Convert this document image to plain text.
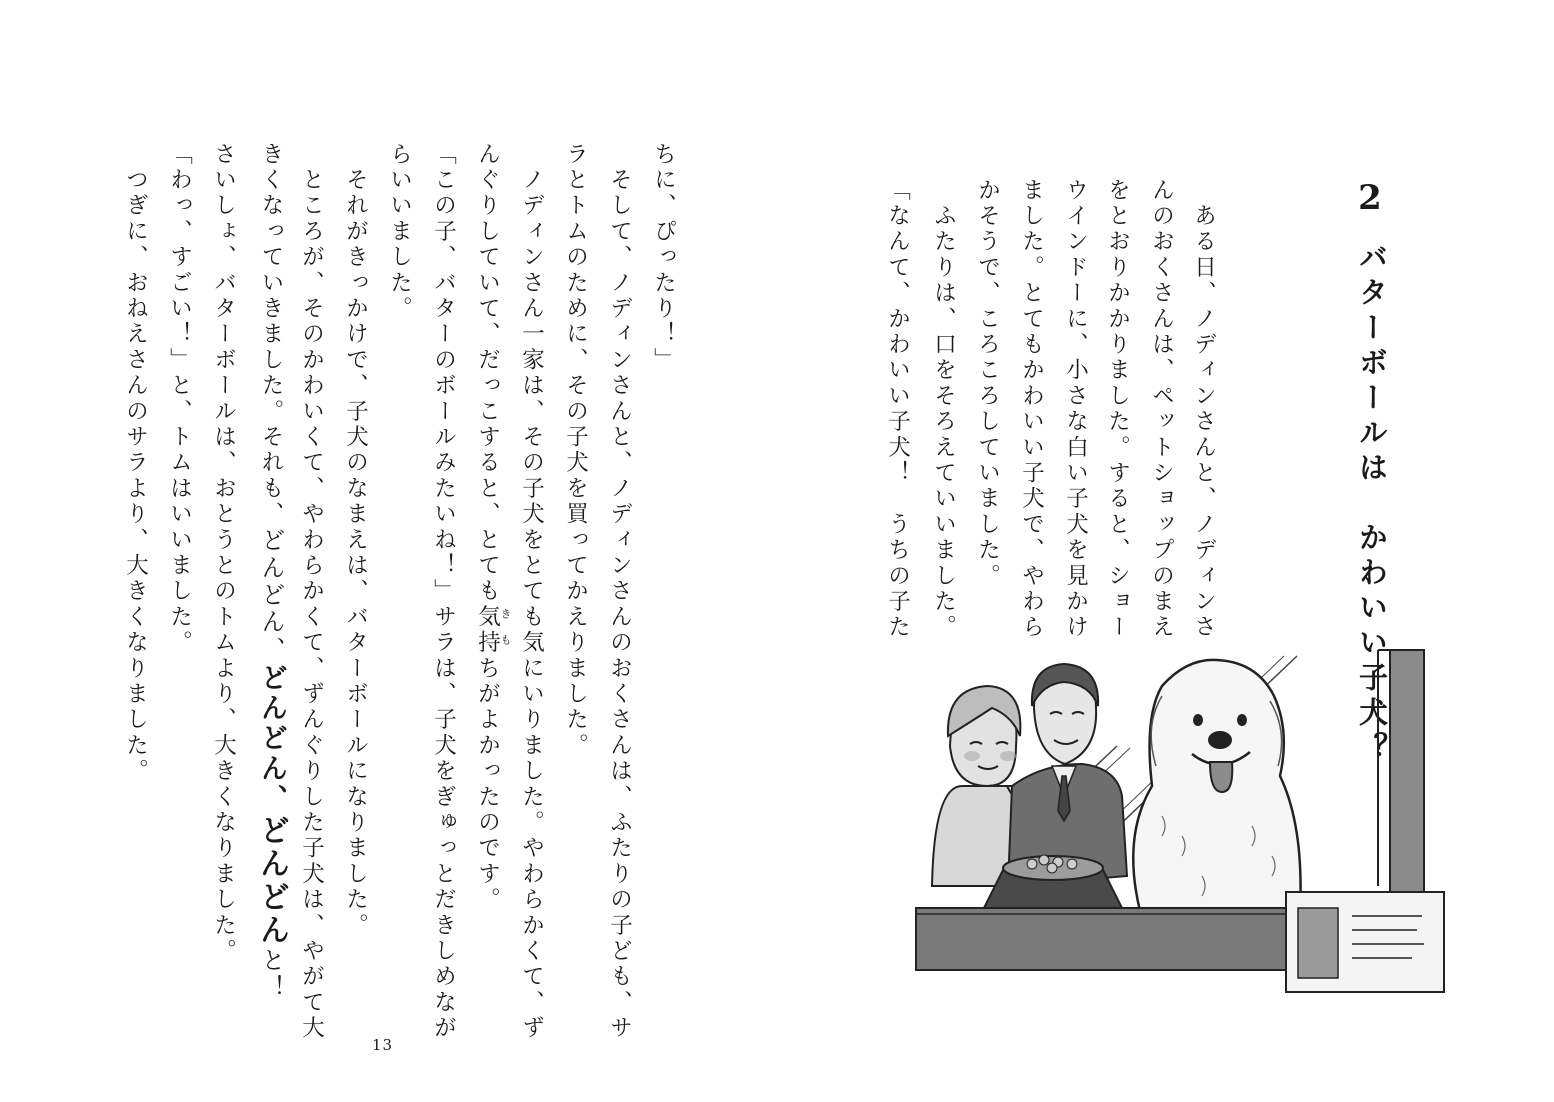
2
バターボールは　かわいい子犬？
　ある日、ノディンさんと、ノディンさ
んのおくさんは、ペットショップのまえ
をとおりかかりました。すると、ショー
ウインドーに、小さな白い子犬を見かけ
ました。とてもかわいい子犬で、やわら
かそうで、ころころしていました。
　ふたりは、口をそろえていいました。
「なんて、かわいい子犬！　うちの子た
ちに、ぴったり！」
　そして、ノディンさんと、ノディンさんのおくさんは、ふたりの子ども、サ
ラとトムのために、その子犬を買ってかえりました。
　ノディンさん一家は、その子犬をとても気にいりました。やわらかくて、ず
んぐりしていて、だっこすると、とても気持ちがよかったのです。
「この子、バターのボールみたいね！」サラは、子犬をぎゅっとだきしめなが
らいいました。
　それがきっかけで、子犬のなまえは、バターボールになりました。
　ところが、そのかわいくて、やわらかくて、ずんぐりした子犬は、やがて大
きくなっていきました。それも、どんどん、どんどん、どんどんと！
さいしょ、バターボールは、おとうとのトムより、大きくなりました。
「わっ、すごい！」と、トムはいいました。
　つぎに、おねえさんのサラより、大きくなりました。	き　も
13
